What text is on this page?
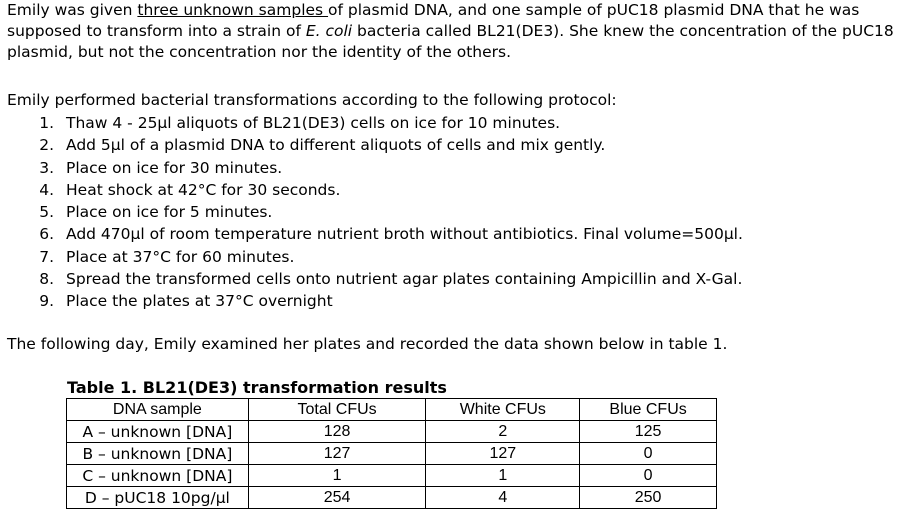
Emily was given three unknown samples of plasmid DNA, and one sample of pUC18 plasmid DNA that he was supposed to transform into a strain of E. coli bacteria called BL21(DE3). She knew the concentration of the pUC18 plasmid, but not the concentration nor the identity of the others.

Emily performed bacterial transformations according to the following protocol:

1. Thaw 4 - 25µl aliquots of BL21(DE3) cells on ice for 10 minutes.
2. Add 5µl of a plasmid DNA to different aliquots of cells and mix gently.
3. Place on ice for 30 minutes.
4. Heat shock at 42°C for 30 seconds.
5. Place on ice for 5 minutes.
6. Add 470µl of room temperature nutrient broth without antibiotics. Final volume=500µl.
7. Place at 37°C for 60 minutes.
8. Spread the transformed cells onto nutrient agar plates containing Ampicillin and X-Gal.
9. Place the plates at 37°C overnight

The following day, Emily examined her plates and recorded the data shown below in table 1.

Table 1. BL21(DE3) transformation results
DNA sample	Total CFUs	White CFUs	Blue CFUs
A – unknown [DNA]	128	2	125
B – unknown [DNA]	127	127	0
C – unknown [DNA]	1	1	0
D – pUC18 10pg/µl	254	4	250
